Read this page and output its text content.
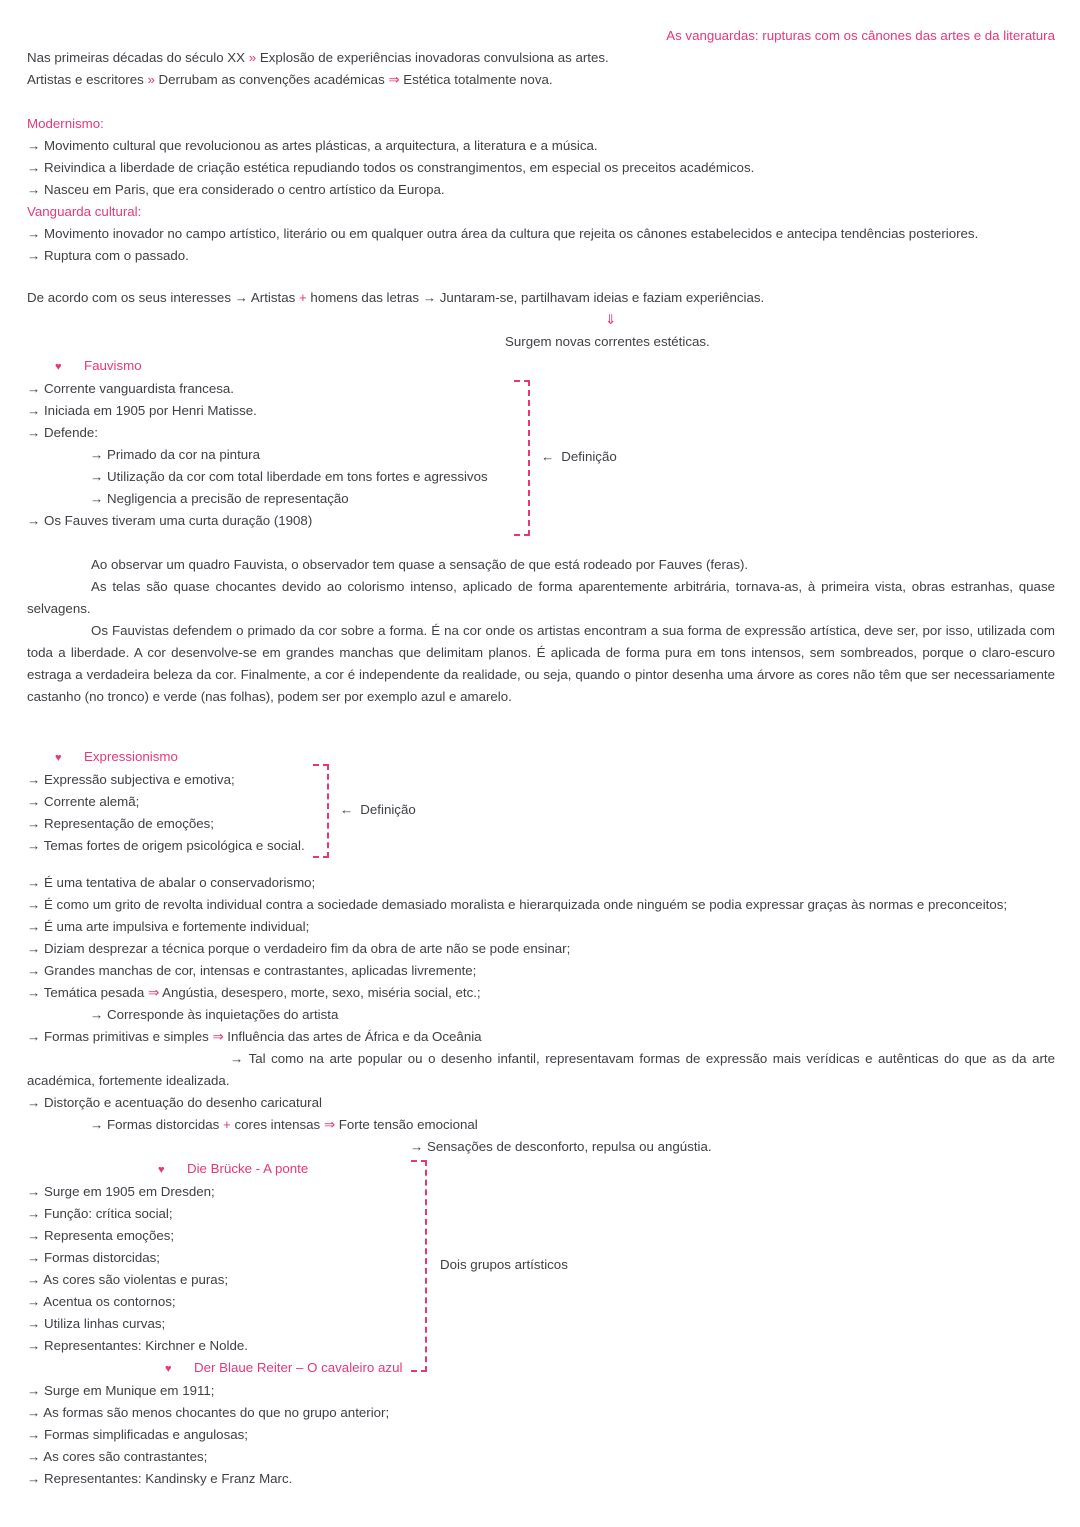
As vanguardas: rupturas com os cânones das artes e da literatura
Nas primeiras décadas do século XX » Explosão de experiências inovadoras convulsiona as artes.
Artistas e escritores » Derrubam as convenções académicas ⇒ Estética totalmente nova.
Modernismo:
→ Movimento cultural que revolucionou as artes plásticas, a arquitectura, a literatura e a música.
→ Reivindica a liberdade de criação estética repudiando todos os constrangimentos, em especial os preceitos académicos.
→ Nasceu em Paris, que era considerado o centro artístico da Europa.
Vanguarda cultural:
→ Movimento inovador no campo artístico, literário ou em qualquer outra área da cultura que rejeita os cânones estabelecidos e antecipa tendências posteriores.
→ Ruptura com o passado.
De acordo com os seus interesses → Artistas + homens das letras → Juntaram-se, partilhavam ideias e faziam experiências.
⇓
Surgem novas correntes estéticas.
♥ Fauvismo
→ Corrente vanguardista francesa.
→ Iniciada em 1905 por Henri Matisse.
→ Defende:
→ Primado da cor na pintura
→ Utilização da cor com total liberdade em tons fortes e agressivos
→ Negligencia a precisão de representação
→ Os Fauves tiveram uma curta duração (1908)
Ao observar um quadro Fauvista, o observador tem quase a sensação de que está rodeado por Fauves (feras).
As telas são quase chocantes devido ao colorismo intenso, aplicado de forma aparentemente arbitrária, tornava-as, à primeira vista, obras estranhas, quase selvagens.
Os Fauvistas defendem o primado da cor sobre a forma. É na cor onde os artistas encontram a sua forma de expressão artística, deve ser, por isso, utilizada com toda a liberdade. A cor desenvolve-se em grandes manchas que delimitam planos. É aplicada de forma pura em tons intensos, sem sombreados, porque o claro-escuro estraga a verdadeira beleza da cor. Finalmente, a cor é independente da realidade, ou seja, quando o pintor desenha uma árvore as cores não têm que ser necessariamente castanho (no tronco) e verde (nas folhas), podem ser por exemplo azul e amarelo.
♥ Expressionismo
→ Expressão subjectiva e emotiva;
→ Corrente alemã;
→ Representação de emoções;
→ Temas fortes de origem psicológica e social.
→ É uma tentativa de abalar o conservadorismo;
→ É como um grito de revolta individual contra a sociedade demasiado moralista e hierarquizada onde ninguém se podia expressar graças às normas e preconceitos;
→ É uma arte impulsiva e fortemente individual;
→ Diziam desprezar a técnica porque o verdadeiro fim da obra de arte não se pode ensinar;
→ Grandes manchas de cor, intensas e contrastantes, aplicadas livremente;
→ Temática pesada ⇒ Angústia, desespero, morte, sexo, miséria social, etc.;
→ Corresponde às inquietações do artista
→ Formas primitivas e simples ⇒ Influência das artes de África e da Oceânia
→ Tal como na arte popular ou o desenho infantil, representavam formas de expressão mais verídicas e autênticas do que as da arte académica, fortemente idealizada.
→ Distorção e acentuação do desenho caricatural
→ Formas distorcidas + cores intensas ⇒ Forte tensão emocional
→ Sensações de desconforto, repulsa ou angústia.
♥ Die Brücke - A ponte
→ Surge em 1905 em Dresden;
→ Função: crítica social;
→ Representa emoções;
→ Formas distorcidas;
→ As cores são violentas e puras;
→ Acentua os contornos;
→ Utiliza linhas curvas;
→ Representantes: Kirchner e Nolde.
♥ Der Blaue Reiter – O cavaleiro azul
→ Surge em Munique em 1911;
→ As formas são menos chocantes do que no grupo anterior;
→ Formas simplificadas e angulosas;
→ As cores são contrastantes;
→ Representantes: Kandinsky e Franz Marc.
← Definição
← Definição
Dois grupos artísticos
